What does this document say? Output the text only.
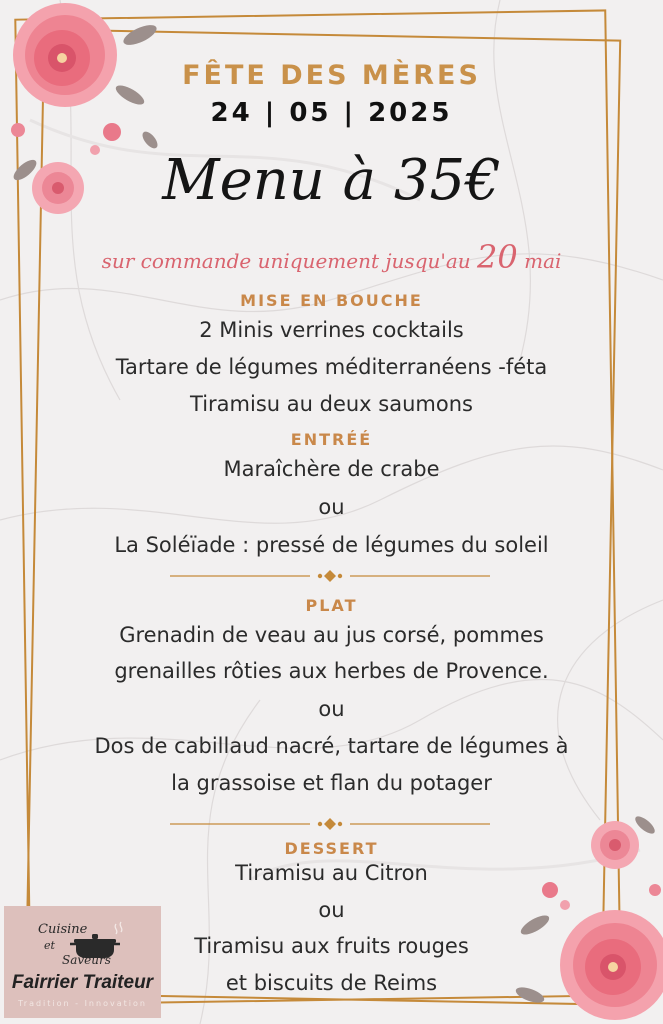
FÊTE DES MÈRES
24 | 05 | 2025
Menu à 35€
sur commande uniquement jusqu'au 20 mai
MISE EN BOUCHE
2 Minis verrines cocktails
Tartare de légumes méditerranéens -féta
Tiramisu au deux saumons
ENTRÉÉ
Maraîchère de crabe
ou
La Soléïade : pressé de légumes du soleil
PLAT
Grenadin de veau au jus corsé, pommes
grenailles rôties aux herbes de Provence.
ou
Dos de cabillaud nacré, tartare de légumes à
la grassoise et flan du potager
DESSERT
Tiramisu au Citron
ou
Tiramisu aux fruits rouges
et biscuits de Reims
Cuisine
et
Saveurs
Fairrier Traiteur
Tradition - Innovation
